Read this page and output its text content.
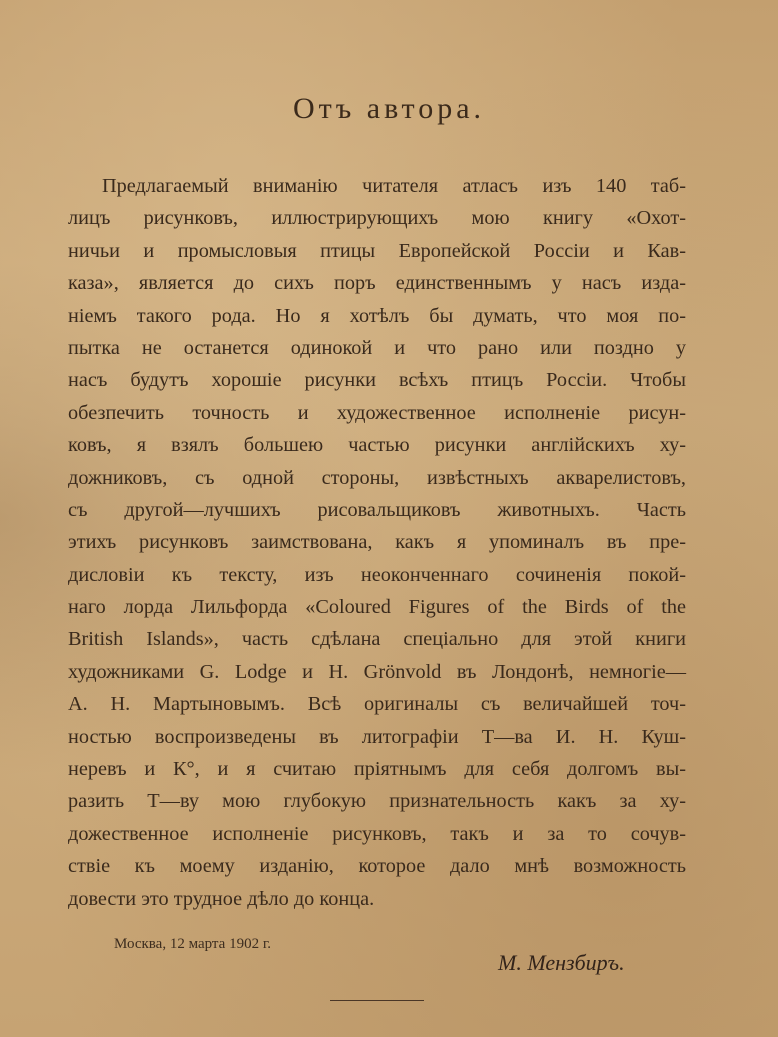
Отъ автора.
Предлагаемый вниманію читателя атласъ изъ 140 таб-
лицъ рисунковъ, иллюстрирующихъ мою книгу «Охот-
ничьи и промысловыя птицы Европейской Россіи и Кав-
каза», является до сихъ поръ единственнымъ у насъ изда-
ніемъ такого рода. Но я хотѣлъ бы думать, что моя по-
пытка не останется одинокой и что рано или поздно у
насъ будутъ хорошіе рисунки всѣхъ птицъ Россіи. Чтобы
обезпечить точность и художественное исполненіе рисун-
ковъ, я взялъ большею частью рисунки англійскихъ ху-
дожниковъ, съ одной стороны, извѣстныхъ акварелистовъ,
съ другой—лучшихъ рисовальщиковъ животныхъ. Часть
этихъ рисунковъ заимствована, какъ я упоминалъ въ пре-
дисловіи къ тексту, изъ неоконченнаго сочиненія покой-
наго лорда Лильфорда «Coloured Figures of the Birds of the
British Islands», часть сдѣлана спеціально для этой книги
художниками G. Lodge и H. Grönvold въ Лондонѣ, немногіе—
А. Н. Мартыновымъ. Всѣ оригиналы съ величайшей точ-
ностью воспроизведены въ литографіи Т—ва И. Н. Куш-
неревъ и К°, и я считаю пріятнымъ для себя долгомъ вы-
разить Т—ву мою глубокую признательность какъ за ху-
дожественное исполненіе рисунковъ, такъ и за то сочув-
ствіе къ моему изданію, которое дало мнѣ возможность
довести это трудное дѣло до конца.
Москва, 12 марта 1902 г.
М. Мензбиръ.
